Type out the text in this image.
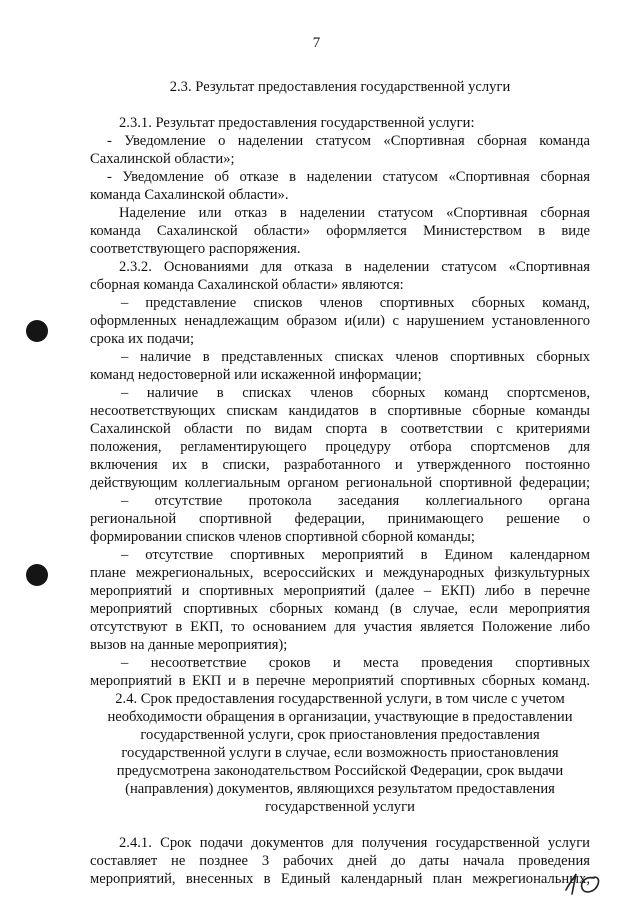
7
2.3. Результат предоставления государственной услуги
2.3.1. Результат предоставления государственной услуги:
- Уведомление о наделении статусом «Спортивная сборная команда
Сахалинской области»;
- Уведомление об отказе в наделении статусом «Спортивная сборная
команда Сахалинской области».
Наделение или отказ в наделении статусом «Спортивная сборная
команда Сахалинской области» оформляется Министерством в виде
соответствующего распоряжения.
2.3.2. Основаниями для отказа в наделении статусом «Спортивная
сборная команда Сахалинской области» являются:
– представление списков членов спортивных сборных команд,
оформленных ненадлежащим образом и(или) с нарушением установленного
срока их подачи;
– наличие в представленных списках членов спортивных сборных
команд недостоверной или искаженной информации;
– наличие в списках членов сборных команд спортсменов,
несоответствующих спискам кандидатов в спортивные сборные команды
Сахалинской области по видам спорта в соответствии с критериями
положения, регламентирующего процедуру отбора спортсменов для
включения их в списки, разработанного и утвержденного постоянно
действующим коллегиальным органом региональной спортивной федерации;
– отсутствие протокола заседания коллегиального органа
региональной спортивной федерации, принимающего решение о
формировании списков членов спортивной сборной команды;
– отсутствие спортивных мероприятий в Едином календарном
плане межрегиональных, всероссийских и международных физкультурных
мероприятий и спортивных мероприятий (далее – ЕКП) либо в перечне
мероприятий спортивных сборных команд (в случае, если мероприятия
отсутствуют в ЕКП, то основанием для участия является Положение либо
вызов на данные мероприятия);
– несоответствие сроков и места проведения спортивных
мероприятий в ЕКП и в перечне мероприятий спортивных сборных команд.
2.4. Срок предоставления государственной услуги, в том числе с учетом
необходимости обращения в организации, участвующие в предоставлении
государственной услуги, срок приостановления предоставления
государственной услуги в случае, если возможность приостановления
предусмотрена законодательством Российской Федерации, срок выдачи
(направления) документов, являющихся результатом предоставления
государственной услуги
2.4.1. Срок подачи документов для получения государственной услуги
составляет не позднее 3 рабочих дней до даты начала проведения
мероприятий, внесенных в Единый календарный план межрегиональных,
